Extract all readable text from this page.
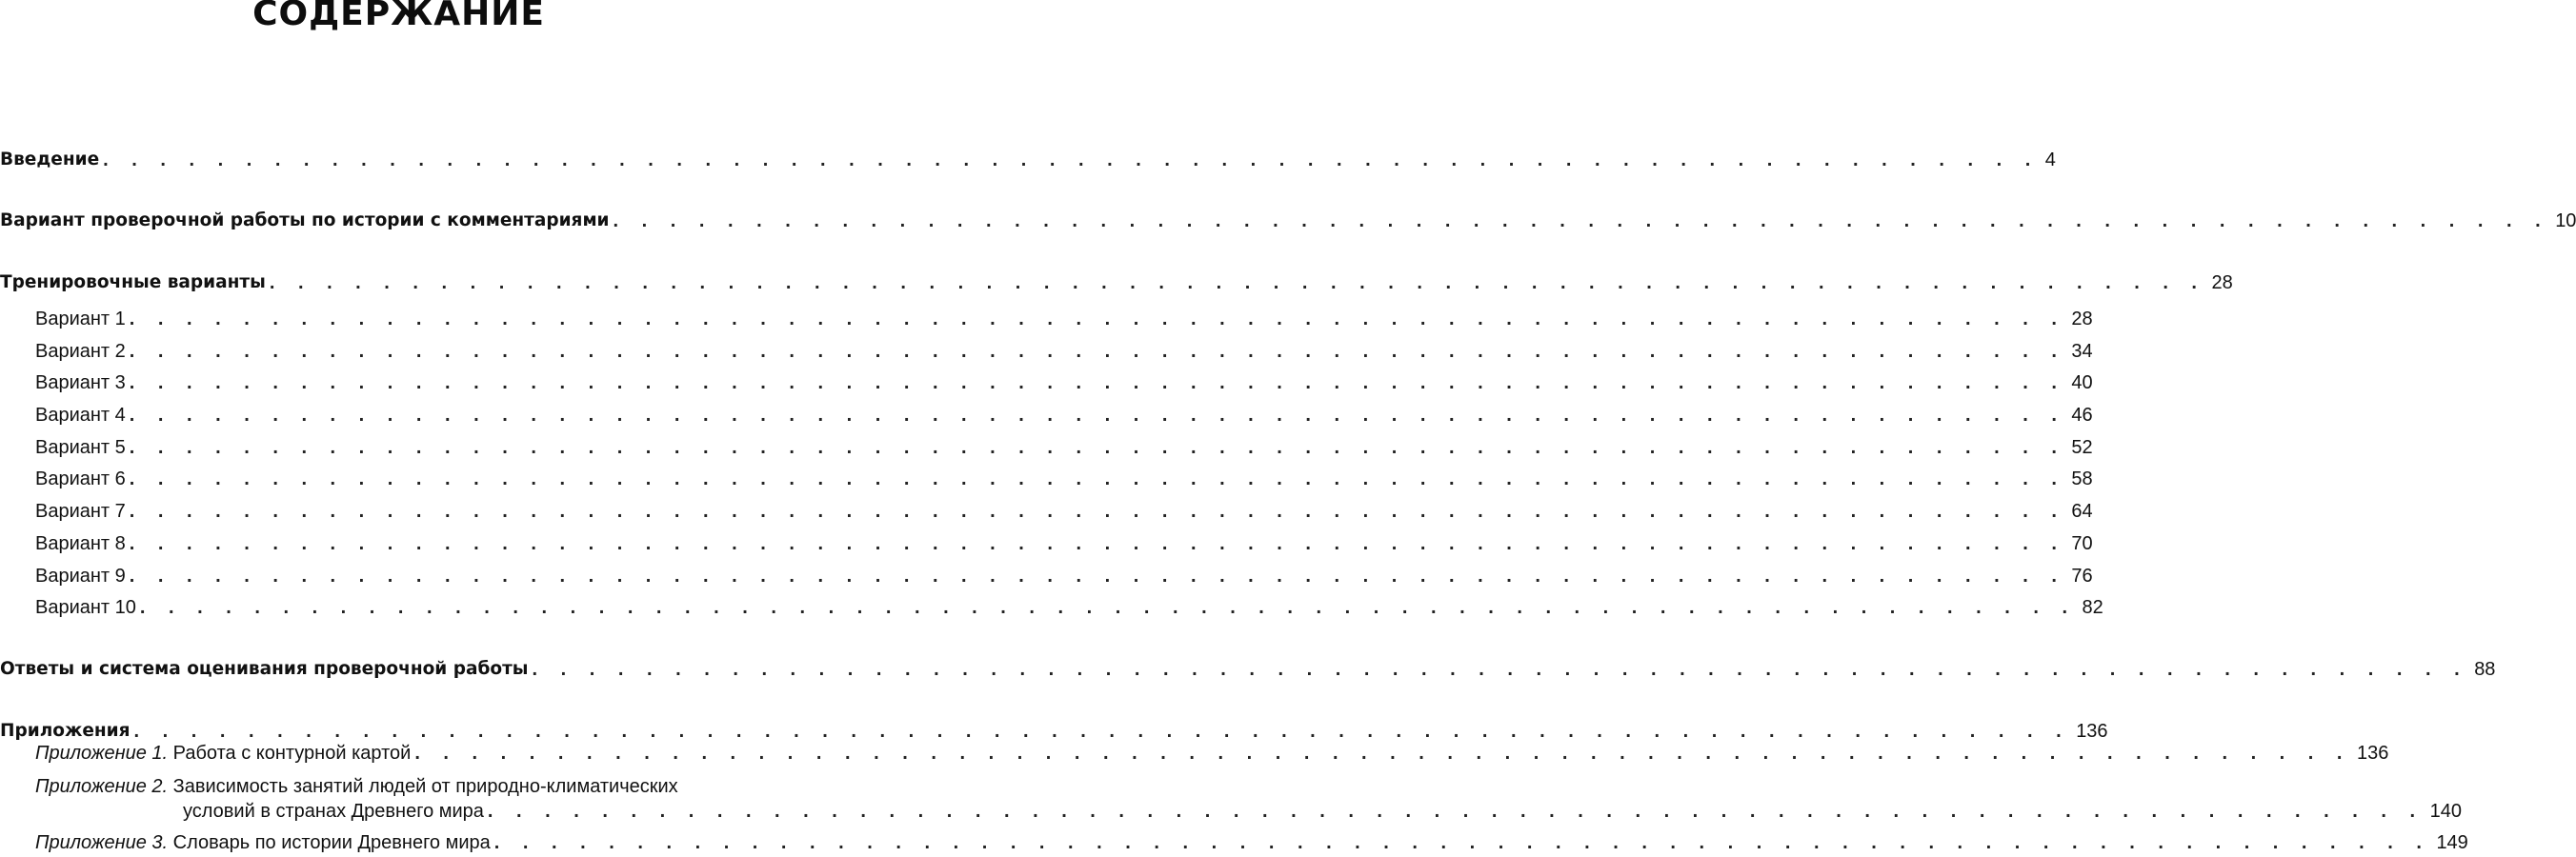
СОДЕРЖАНИЕ
Введение . . . . . . . . . . . . . . . . . . . . . . . . . . . . . . . . . . . . . . . . . . . . . . . . . . . . . . . . . . . . . . . . . . . . 4
Вариант проверочной работы по истории с комментариями . . . . . . . . . . . . . . . . . . . . . . . . . . . . . . . . . . . . . . . . . . . . . . . . . . . . . . . . . . . . . . . . . . . . 10
Тренировочные варианты . . . . . . . . . . . . . . . . . . . . . . . . . . . . . . . . . . . . . . . . . . . . . . . . . . . . . . . . . . . . . . . . . . . . 28
Вариант 1 . . . . . . . . . . . . . . . . . . . . . . . . . . . . . . . . . . . . . . . . . . . . . . . . . . . . . . . . . . . . . . . . . . . . 28
Вариант 2 . . . . . . . . . . . . . . . . . . . . . . . . . . . . . . . . . . . . . . . . . . . . . . . . . . . . . . . . . . . . . . . . . . . . 34
Вариант 3 . . . . . . . . . . . . . . . . . . . . . . . . . . . . . . . . . . . . . . . . . . . . . . . . . . . . . . . . . . . . . . . . . . . . 40
Вариант 4 . . . . . . . . . . . . . . . . . . . . . . . . . . . . . . . . . . . . . . . . . . . . . . . . . . . . . . . . . . . . . . . . . . . . 46
Вариант 5 . . . . . . . . . . . . . . . . . . . . . . . . . . . . . . . . . . . . . . . . . . . . . . . . . . . . . . . . . . . . . . . . . . . . 52
Вариант 6 . . . . . . . . . . . . . . . . . . . . . . . . . . . . . . . . . . . . . . . . . . . . . . . . . . . . . . . . . . . . . . . . . . . . 58
Вариант 7 . . . . . . . . . . . . . . . . . . . . . . . . . . . . . . . . . . . . . . . . . . . . . . . . . . . . . . . . . . . . . . . . . . . . 64
Вариант 8 . . . . . . . . . . . . . . . . . . . . . . . . . . . . . . . . . . . . . . . . . . . . . . . . . . . . . . . . . . . . . . . . . . . . 70
Вариант 9 . . . . . . . . . . . . . . . . . . . . . . . . . . . . . . . . . . . . . . . . . . . . . . . . . . . . . . . . . . . . . . . . . . . . 76
Вариант 10 . . . . . . . . . . . . . . . . . . . . . . . . . . . . . . . . . . . . . . . . . . . . . . . . . . . . . . . . . . . . . . . . . . . . 82
Ответы и система оценивания проверочной работы . . . . . . . . . . . . . . . . . . . . . . . . . . . . . . . . . . . . . . . . . . . . . . . . . . . . . . . . . . . . . . . . . . . . 88
Приложения . . . . . . . . . . . . . . . . . . . . . . . . . . . . . . . . . . . . . . . . . . . . . . . . . . . . . . . . . . . . . . . . . . . . 136
Приложение 1.
Работа с контурной картой . . . . . . . . . . . . . . . . . . . . . . . . . . . . . . . . . . . . . . . . . . . . . . . . . . . . . . . . . . . . . . . . . . . . 136
Приложение 2.
Зависимость занятий людей от природно-климатических
условий в странах Древнего мира . . . . . . . . . . . . . . . . . . . . . . . . . . . . . . . . . . . . . . . . . . . . . . . . . . . . . . . . . . . . . . . . . . . . 140
Приложение 3.
Словарь по истории Древнего мира . . . . . . . . . . . . . . . . . . . . . . . . . . . . . . . . . . . . . . . . . . . . . . . . . . . . . . . . . . . . . . . . . . . . 149
